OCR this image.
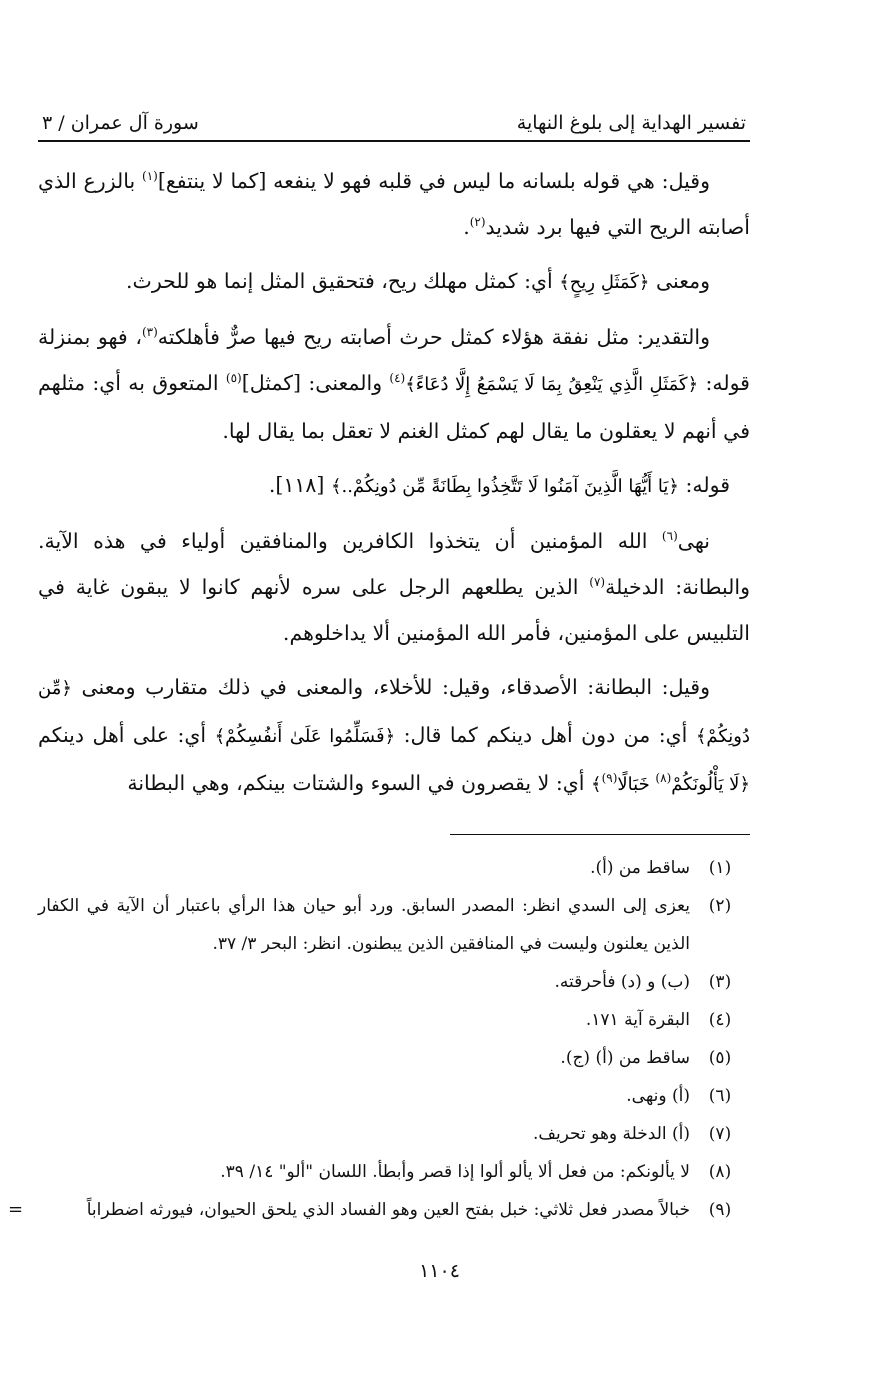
تفسير الهداية إلى بلوغ النهاية
سورة آل عمران / ٣

وقيل: هي قوله بلسانه ما ليس في قلبه فهو لا ينفعه [كما لا ينتفع]$^{(١)}$ بالزرع الذي أصابته الريح التي فيها برد شديد$^{(٢)}$.

ومعنى ﴿كَمَثَلِ رِيحٍ﴾ أي: كمثل مهلك ريح، فتحقيق المثل إنما هو للحرث.

والتقدير: مثل نفقة هؤلاء كمثل حرث أصابته ريح فيها صرٌّ فأهلكته$^{(٣)}$، فهو بمنزلة قوله: ﴿كَمَثَلِ الَّذِي يَنْعِقُ بِمَا لَا يَسْمَعُ إِلَّا دُعَاءً﴾$^{(٤)}$ والمعنى: [كمثل]$^{(٥)}$ المتعوق به أي: مثلهم في أنهم لا يعقلون ما يقال لهم كمثل الغنم لا تعقل بما يقال لها.

قوله: ﴿يَا أَيُّهَا الَّذِينَ آمَنُوا لَا تَتَّخِذُوا بِطَانَةً مِّن دُونِكُمْ..﴾ [١١٨].

نهى$^{(٦)}$ الله المؤمنين أن يتخذوا الكافرين والمنافقين أولياء في هذه الآية. والبطانة: الدخيلة$^{(٧)}$ الذين يطلعهم الرجل على سره لأنهم كانوا لا يبقون غاية في التلبيس على المؤمنين، فأمر الله المؤمنين ألا يداخلوهم.

وقيل: البطانة: الأصدقاء، وقيل: للأخلاء، والمعنى في ذلك متقارب ومعنى ﴿مِّن دُونِكُمْ﴾ أي: من دون أهل دينكم كما قال: ﴿فَسَلِّمُوا عَلَىٰ أَنفُسِكُمْ﴾ أي: على أهل دينكم ﴿لَا يَأْلُونَكُمْ$^{(٨)}$ خَبَالًا$^{(٩)}$﴾ أي: لا يقصرون في السوء والشتات بينكم، وهي البطانة

(١)
ساقط من (أ).
(٢)
يعزى إلى السدي انظر: المصدر السابق. ورد أبو حيان هذا الرأي باعتبار أن الآية في الكفار الذين يعلنون وليست في المنافقين الذين يبطنون. انظر: البحر ٣/ ٣٧.
(٣)
(ب) و (د) فأحرقته.
(٤)
البقرة آية ١٧١.
(٥)
ساقط من (أ) (ج).
(٦)
(أ) ونهى.
(٧)
(أ) الدخلة وهو تحريف.
(٨)
لا يألونكم: من فعل ألا يألو ألوا إذا قصر وأبطأ. اللسان "ألو" ١٤/ ٣٩.
(٩)
خبالاً مصدر فعل ثلاثي: خبل بفتح العين وهو الفساد الذي يلحق الحيوان، فيورثه اضطراباً
=
١١٠٤
